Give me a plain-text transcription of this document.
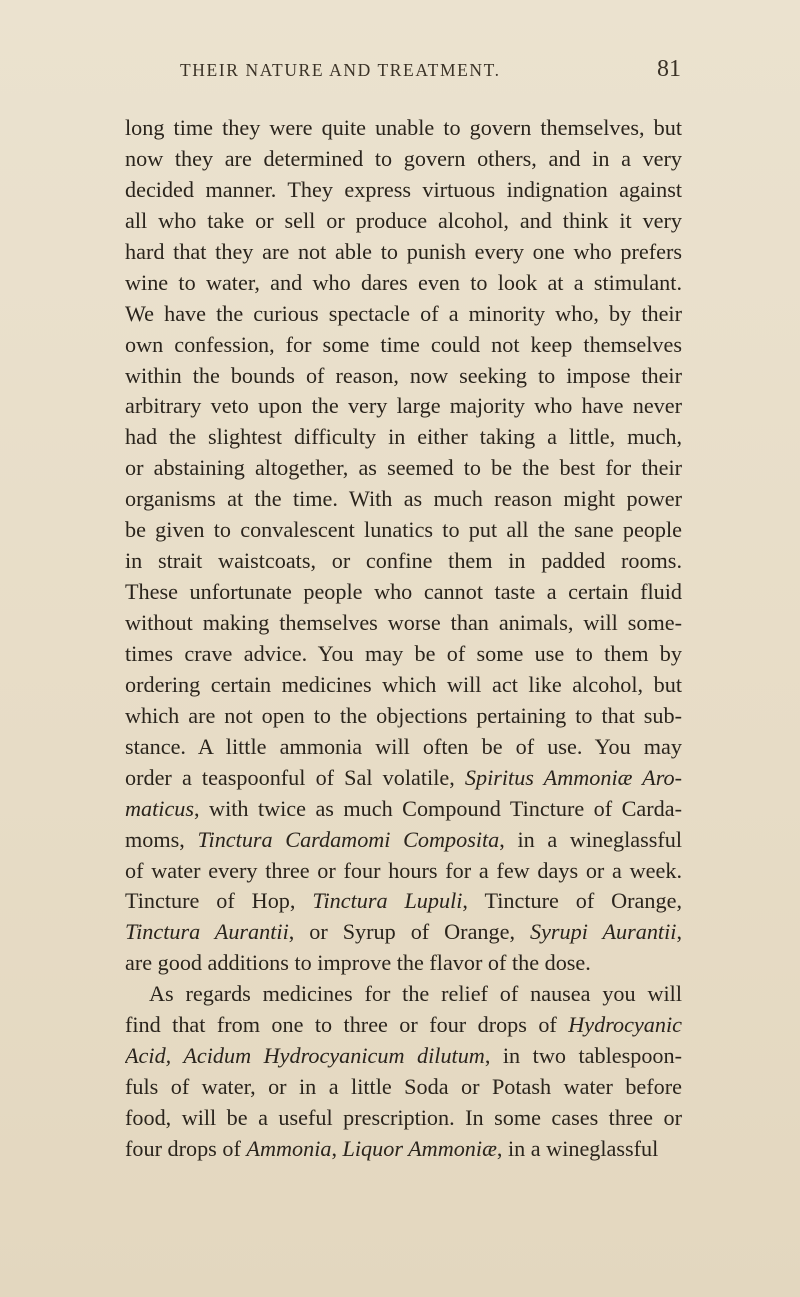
THEIR NATURE AND TREATMENT.	81
long time they were quite unable to govern themselves, but
now they are determined to govern others, and in a very
decided manner. They express virtuous indignation against
all who take or sell or produce alcohol, and think it very
hard that they are not able to punish every one who prefers
wine to water, and who dares even to look at a stimulant.
We have the curious spectacle of a minority who, by their
own confession, for some time could not keep themselves
within the bounds of reason, now seeking to impose their
arbitrary veto upon the very large majority who have never
had the slightest difficulty in either taking a little, much,
or abstaining altogether, as seemed to be the best for their
organisms at the time. With as much reason might power
be given to convalescent lunatics to put all the sane people
in strait waistcoats, or confine them in padded rooms.
These unfortunate people who cannot taste a certain fluid
without making themselves worse than animals, will some-
times crave advice. You may be of some use to them by
ordering certain medicines which will act like alcohol, but
which are not open to the objections pertaining to that sub-
stance. A little ammonia will often be of use. You may
order a teaspoonful of Sal volatile, Spiritus Ammoniæ Aro-
maticus, with twice as much Compound Tincture of Carda-
moms, Tinctura Cardamomi Composita, in a wineglassful
of water every three or four hours for a few days or a week.
Tincture of Hop, Tinctura Lupuli, Tincture of Orange,
Tinctura Aurantii, or Syrup of Orange, Syrupi Aurantii,
are good additions to improve the flavor of the dose.
As regards medicines for the relief of nausea you will
find that from one to three or four drops of Hydrocyanic
Acid, Acidum Hydrocyanicum dilutum, in two tablespoon-
fuls of water, or in a little Soda or Potash water before
food, will be a useful prescription. In some cases three or
four drops of Ammonia, Liquor Ammoniæ, in a wineglassful
